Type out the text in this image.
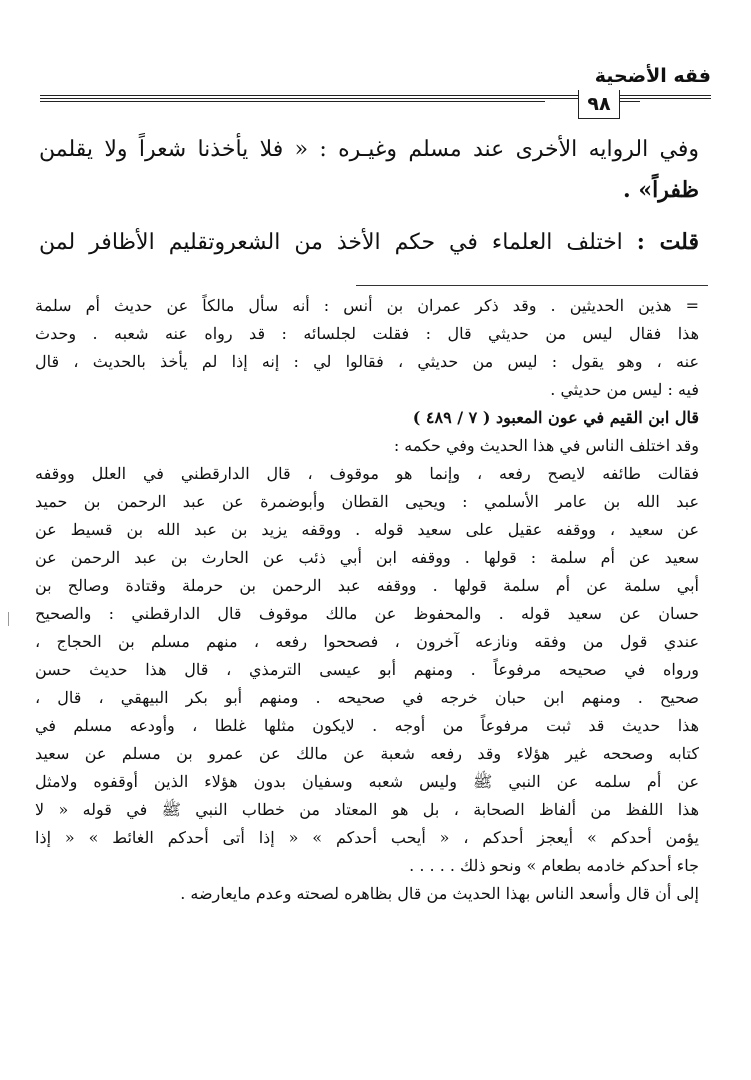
فقه الأضحية
٩٨
وفي الروايه الأخرى عند مسلم وغيـره : « فلا يأخذنا شعراً ولا يقلمن
ظفراً» .
قلت : اختلف العلماء في حكم الأخذ من الشعروتقليم الأظافر لمن
= هذين الحديثين . وقد ذكر عمران بن أنس : أنه سأل مالكاً عن حديث أم سلمة
هذا فقال ليس من حديثي قال : فقلت لجلسائه : قد رواه عنه شعبه . وحدث
عنه ، وهو يقول : ليس من حديثي ، فقالوا لي : إنه إذا لم يأخذ بالحديث ، قال
فيه : ليس من حديثي .
قال ابن القيم في عون المعبود ( ٧ / ٤٨٩ )
وقد اختلف الناس في هذا الحديث وفي حكمه :
فقالت طائفه لايصح رفعه ، وإنما هو موقوف ، قال الدارقطني في العلل ووقفه
عبد الله بن عامر الأسلمي : ويحيى القطان وأبوضمرة عن عبد الرحمن بن حميد
عن سعيد ، ووقفه عقيل على سعيد قوله . ووقفه يزيد بن عبد الله بن قسيط عن
سعيد عن أم سلمة : قولها . ووقفه ابن أبي ذئب عن الحارث بن عبد الرحمن عن
أبي سلمة عن أم سلمة قولها . ووقفه عبد الرحمن بن حرملة وقتادة وصالح بن
حسان عن سعيد قوله . والمحفوظ عن مالك موقوف قال الدارقطني : والصحيح
عندي قول من وفقه ونازعه آخرون ، فصححوا رفعه ، منهم مسلم بن الحجاج ،
ورواه في صحيحه مرفوعاً . ومنهم أبو عيسى الترمذي ، قال هذا حديث حسن
صحيح . ومنهم ابن حبان خرجه في صحيحه . ومنهم أبو بكر البيهقي ، قال ،
هذا حديث قد ثبت مرفوعاً من أوجه . لايكون مثلها غلطا ، وأودعه مسلم في
كتابه وصححه غير هؤلاء وقد رفعه شعبة عن مالك عن عمرو بن مسلم عن سعيد
عن أم سلمه عن النبي ﷺ وليس شعبه وسفيان بدون هؤلاء الذين أوقفوه ولامثل
هذا اللفظ من ألفاظ الصحابة ، بل هو المعتاد من خطاب النبي ﷺ في قوله « لا
يؤمن أحدكم » أيعجز أحدكم ، « أيحب أحدكم » « إذا أتى أحدكم الغائط » « إذا
جاء أحدكم خادمه بطعام » ونحو ذلك . . . . .
إلى أن قال وأسعد الناس بهذا الحديث من قال بظاهره لصحته وعدم مايعارضه .
